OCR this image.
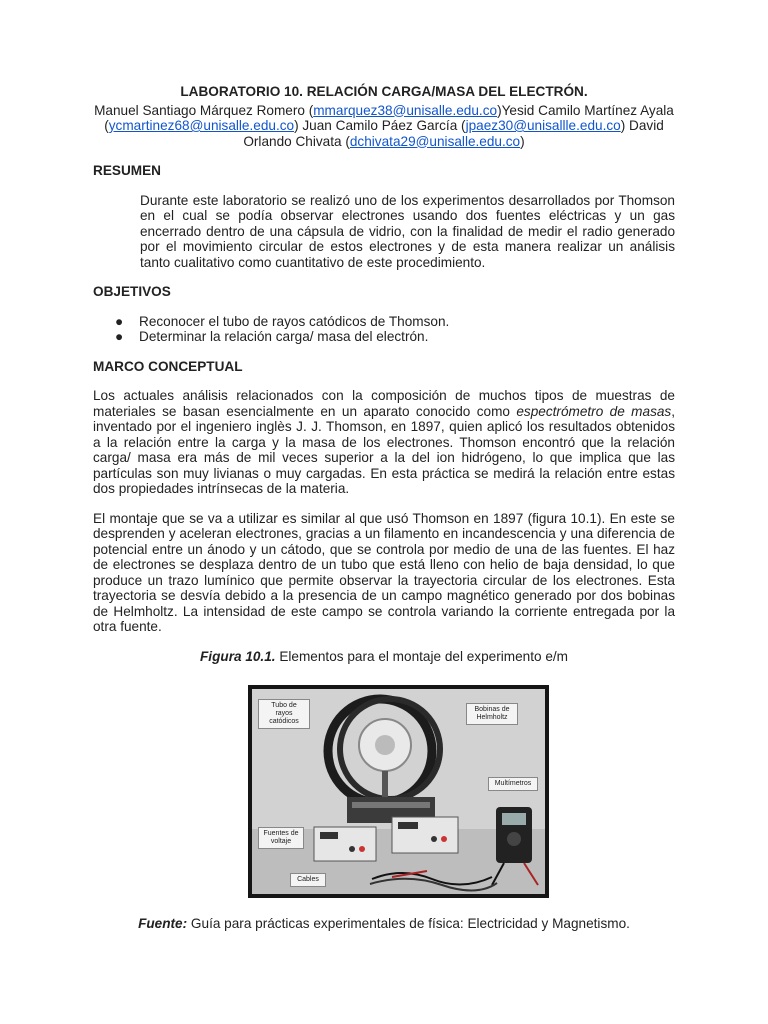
LABORATORIO 10. RELACIÓN CARGA/MASA DEL ELECTRÓN.

Manuel Santiago Márquez Romero (mmarquez38@unisalle.edu.co)Yesid Camilo Martínez Ayala (ycmartinez68@unisalle.edu.co) Juan Camilo Páez García (jpaez30@unisallle.edu.co) David Orlando Chivata (dchivata29@unisalle.edu.co)

RESUMEN

Durante este laboratorio se realizó uno de los experimentos desarrollados por Thomson en el cual se podía observar electrones usando dos fuentes eléctricas y un gas encerrado dentro de una cápsula de vidrio, con la finalidad de medir el radio generado por el movimiento circular de estos electrones y de esta manera realizar un análisis tanto cualitativo como cuantitativo de este procedimiento.

OBJETIVOS

● Reconocer el tubo de rayos catódicos de Thomson.
● Determinar la relación carga/ masa del electrón.

MARCO CONCEPTUAL

Los actuales análisis relacionados con la composición de muchos tipos de muestras de materiales se basan esencialmente en un aparato conocido como espectrómetro de masas, inventado por el ingeniero inglès J. J. Thomson, en 1897, quien aplicó los resultados obtenidos a la relación entre la carga y la masa de los electrones. Thomson encontró que la relación carga/ masa era más de mil veces superior a la del ion hidrógeno, lo que implica que las partículas son muy livianas o muy cargadas. En esta práctica se medirá la relación entre estas dos propiedades intrínsecas de la materia.

El montaje que se va a utilizar es similar al que usó Thomson en 1897 (figura 10.1). En este se desprenden y aceleran electrones, gracias a un filamento en incandescencia y una diferencia de potencial entre un ánodo y un cátodo, que se controla por medio de una de las fuentes. El haz de electrones se desplaza dentro de un tubo que está lleno con helio de baja densidad, lo que produce un trazo lumínico que permite observar la trayectoria circular de los electrones. Esta trayectoria se desvía debido a la presencia de un campo magnético generado por dos bobinas de Helmholtz. La intensidad de este campo se controla variando la corriente entregada por la otra fuente.

Figura 10.1. Elementos para el montaje del experimento e/m

Tubo de rayos catódicos
Bobinas de Helmholtz
Multímetros
Fuentes de voltaje
Cables

Fuente: Guía para prácticas experimentales de física: Electricidad y Magnetismo.
